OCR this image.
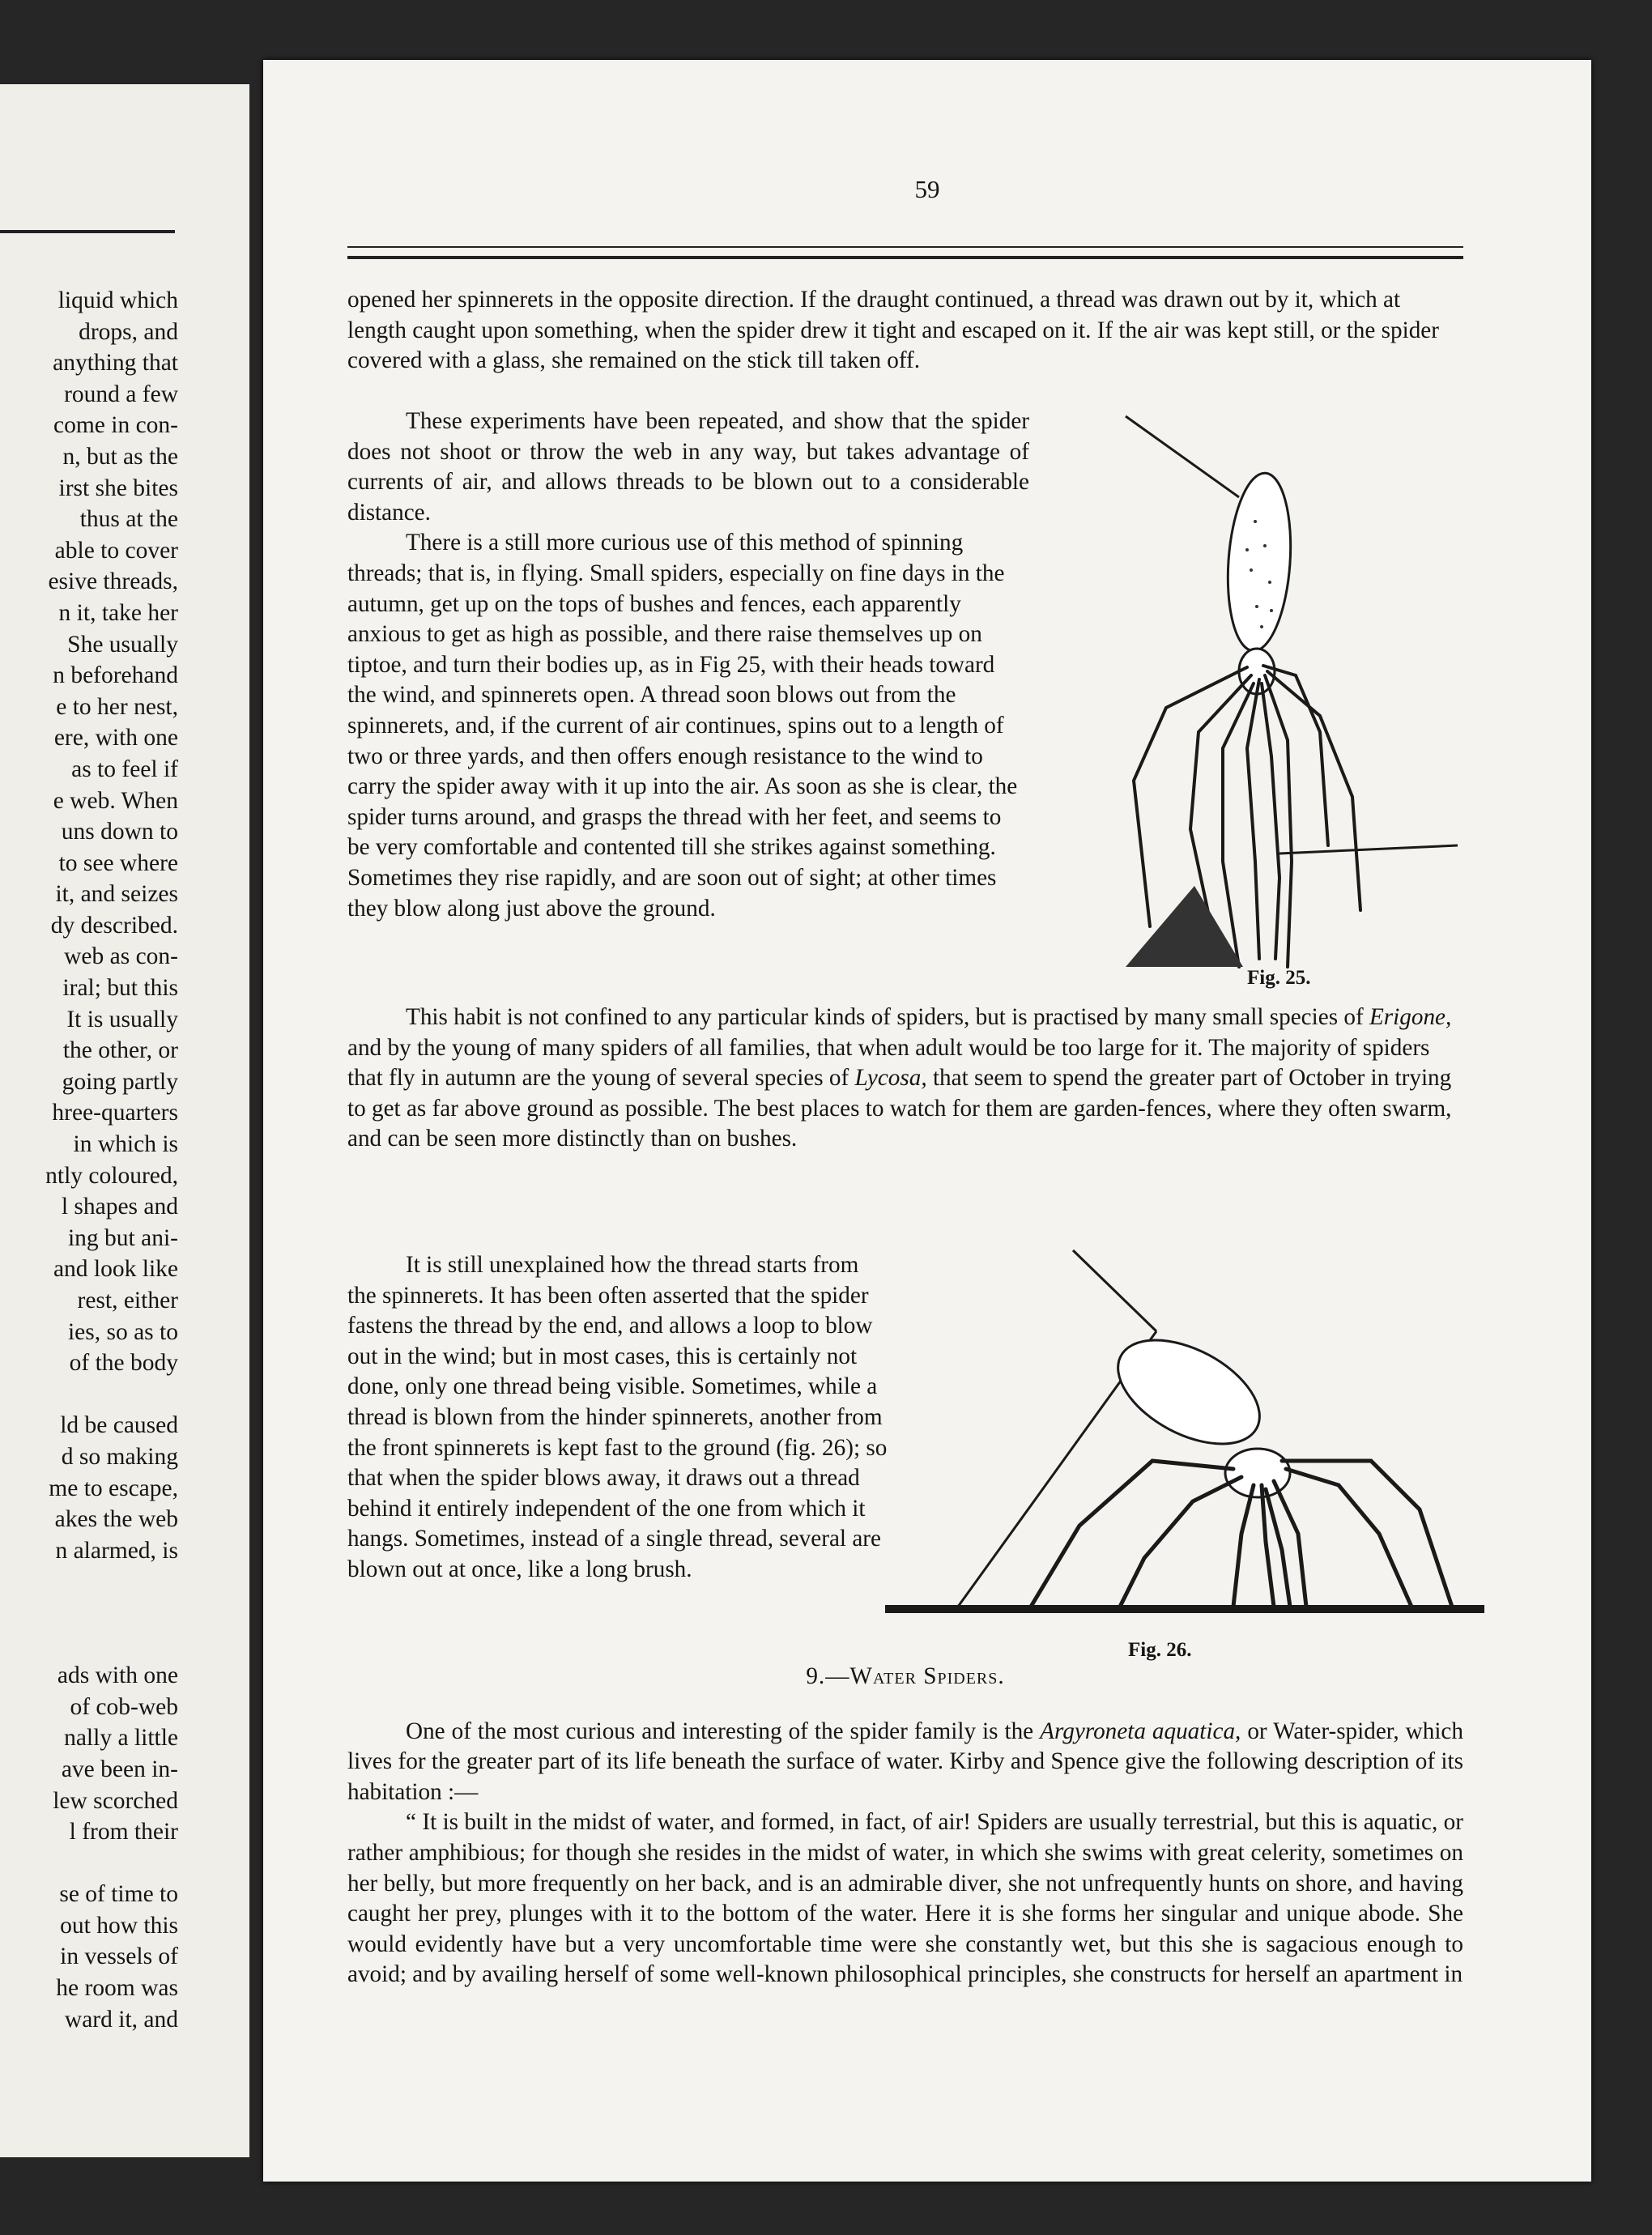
liquid which
drops, and
anything that
round a few
come in con-
n, but as the
irst she bites
thus at the
able to cover
esive threads,
n it, take her
She usually
n beforehand
e to her nest,
ere, with one
as to feel if
e web. When
uns down to
to see where
it, and seizes
dy described.
web as con-
iral; but this
It is usually
the other, or
going partly
hree-quarters
in which is
ntly coloured,
l shapes and
ing but ani-
and look like
rest, either
ies, so as to
of the body

ld be caused
d so making
me to escape,
akes the web
n alarmed, is

ads with one
of cob-web
nally a little
ave been in-
lew scorched
l from their

se of time to
out how this
in vessels of
he room was
ward it, and
59

opened her spinnerets in the opposite direction. If the draught continued, a thread was drawn out by it, which at length caught upon something, when the spider drew it tight and escaped on it. If the air was kept still, or the spider covered with a glass, she remained on the stick till taken off.

These experiments have been repeated, and show that the spider does not shoot or throw the web in any way, but takes advantage of currents of air, and allows threads to be blown out to a considerable distance.

There is a still more curious use of this method of spinning threads; that is, in flying. Small spiders, especially on fine days in the autumn, get up on the tops of bushes and fences, each apparently anxious to get as high as possible, and there raise themselves up on tiptoe, and turn their bodies up, as in Fig 25, with their heads toward the wind, and spinnerets open. A thread soon blows out from the spinnerets, and, if the current of air continues, spins out to a length of two or three yards, and then offers enough resistance to the wind to carry the spider away with it up into the air. As soon as she is clear, the spider turns around, and grasps the thread with her feet, and seems to be very comfortable and contented till she strikes against something. Sometimes they rise rapidly, and are soon out of sight; at other times they blow along just above the ground.

Fig. 25.

This habit is not confined to any particular kinds of spiders, but is practised by many small species of Erigone, and by the young of many spiders of all families, that when adult would be too large for it. The majority of spiders that fly in autumn are the young of several species of Lycosa, that seem to spend the greater part of October in trying to get as far above ground as possible. The best places to watch for them are garden-fences, where they often swarm, and can be seen more distinctly than on bushes.

It is still unexplained how the thread starts from the spinnerets. It has been often asserted that the spider fastens the thread by the end, and allows a loop to blow out in the wind; but in most cases, this is certainly not done, only one thread being visible. Sometimes, while a thread is blown from the hinder spinnerets, another from the front spinnerets is kept fast to the ground (fig. 26); so that when the spider blows away, it draws out a thread behind it entirely independent of the one from which it hangs. Sometimes, instead of a single thread, several are blown out at once, like a long brush.

Fig. 26.

9.—Water Spiders.

One of the most curious and interesting of the spider family is the Argyroneta aquatica, or Water-spider, which lives for the greater part of its life beneath the surface of water. Kirby and Spence give the following description of its habitation :—

“ It is built in the midst of water, and formed, in fact, of air! Spiders are usually terrestrial, but this is aquatic, or rather amphibious; for though she resides in the midst of water, in which she swims with great celerity, sometimes on her belly, but more frequently on her back, and is an admirable diver, she not unfrequently hunts on shore, and having caught her prey, plunges with it to the bottom of the water. Here it is she forms her singular and unique abode. She would evidently have but a very uncomfortable time were she constantly wet, but this she is sagacious enough to avoid; and by availing herself of some well-known philosophical principles, she constructs for herself an apartment in
